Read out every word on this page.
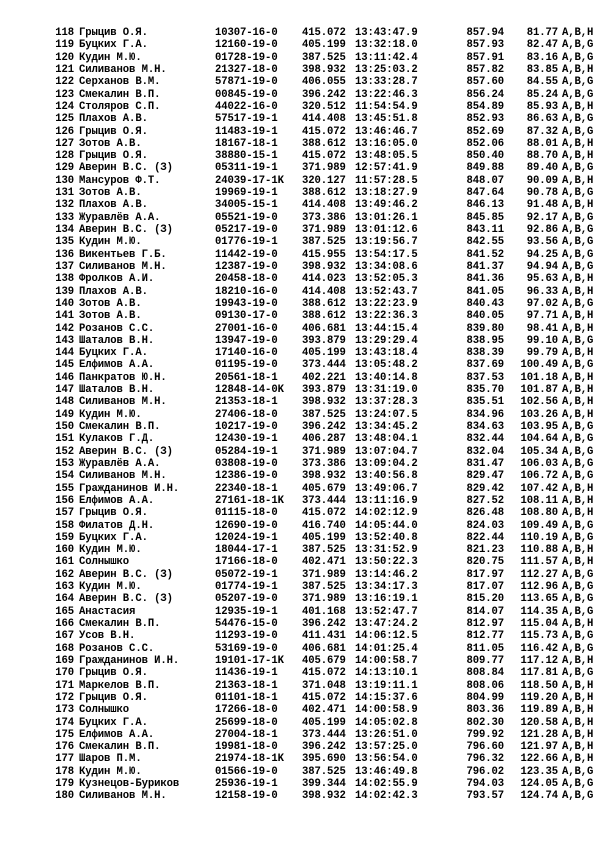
118 Грыцив О.Я.	10307-16-0 415.072 13:43:47.9	857.94	81.77 A,B,H
119 Буцких Г.А.	12160-19-0 405.199 13:32:18.0	857.93	82.47 A,B,G
120 Кудин М.Ю.	01728-19-0 387.525 13:11:42.4	857.91	83.16 A,B,G
121 Силиванов М.Н.	21327-18-0 398.932 13:25:03.2	857.82	83.85 A,B,H
122 Серханов В.М.	57871-19-0 406.055 13:33:28.7	857.60	84.55 A,B,G
123 Смекалин В.П.	00845-19-0 396.242 13:22:46.3	856.24	85.24 A,B,G
124 Столяров С.П.	44022-16-0 320.512 11:54:54.9	854.89	85.93 A,B,H
125 Плахов А.В.	57517-19-1 414.408 13:45:51.8	852.93	86.63 A,B,G
126 Грыцив О.Я.	11483-19-1 415.072 13:46:46.7	852.69	87.32 A,B,G
127 Зотов А.В.	18167-18-1 388.612 13:16:05.0	852.06	88.01 A,B,H
128 Грыцив О.Я.	38880-15-1 415.072 13:48:05.5	850.40	88.70 A,B,H
129 Аверин В.С. (З)	05311-19-1 371.989 12:57:41.9	849.88	89.40 A,B,G
130 Мансуров Ф.Т.	24039-17-1K 320.127 11:57:28.5	848.07	90.09 A,B,H
131 Зотов А.В.	19969-19-1 388.612 13:18:27.9	847.64	90.78 A,B,G
132 Плахов А.В.	34005-15-1 414.408 13:49:46.2	846.13	91.48 A,B,H
133 Журавлёв А.А.	05521-19-0 373.386 13:01:26.1	845.85	92.17 A,B,G
134 Аверин В.С. (З)	05217-19-0 371.989 13:01:12.6	843.11	92.86 A,B,G
135 Кудин М.Ю.	01776-19-1 387.525 13:19:56.7	842.55	93.56 A,B,G
136 Викентьев Г.Б.	11442-19-0 415.955 13:54:17.5	841.52	94.25 A,B,G
137 Силиванов М.Н.	12387-19-0 398.932 13:34:08.6	841.37	94.94 A,B,G
138 Фролков А.И.	20458-18-0 414.023 13:52:05.3	841.36	95.63 A,B,H
139 Плахов А.В.	18210-16-0 414.408 13:52:43.7	841.05	96.33 A,B,H
140 Зотов А.В.	19943-19-0 388.612 13:22:23.9	840.43	97.02 A,B,G
141 Зотов А.В.	09130-17-0 388.612 13:22:36.3	840.05	97.71 A,B,H
142 Розанов С.С.	27001-16-0 406.681 13:44:15.4	839.80	98.41 A,B,H
143 Шаталов В.Н.	13947-19-0 393.879 13:29:29.4	838.95	99.10 A,B,G
144 Буцких Г.А.	17140-16-0 405.199 13:43:18.4	838.39	99.79 A,B,H
145 Елфимов А.А.	01195-19-0 373.444 13:05:48.2	837.69	100.49 A,B,G
146 Панкратов Ю.Н.	20561-18-1 402.221 13:40:14.8	837.53	101.18 A,B,H
147 Шаталов В.Н.	12848-14-0K 393.879 13:31:19.0	835.70	101.87 A,B,H
148 Силиванов М.Н.	21353-18-1 398.932 13:37:28.3	835.51	102.56 A,B,H
149 Кудин М.Ю.	27406-18-0 387.525 13:24:07.5	834.96	103.26 A,B,H
150 Смекалин В.П.	10217-19-0 396.242 13:34:45.2	834.63	103.95 A,B,G
151 Кулаков Г.Д.	12430-19-1 406.287 13:48:04.1	832.44	104.64 A,B,G
152 Аверин В.С. (З)	05284-19-1 371.989 13:07:04.7	832.04	105.34 A,B,G
153 Журавлёв А.А.	03808-19-0 373.386 13:09:04.2	831.47	106.03 A,B,G
154 Силиванов М.Н.	12386-19-0 398.932 13:40:56.8	829.47	106.72 A,B,G
155 Гражданинов И.Н.	22340-18-1 405.679 13:49:06.7	829.42	107.42 A,B,H
156 Елфимов А.А.	27161-18-1K 373.444 13:11:16.9	827.52	108.11 A,B,H
157 Грыцив О.Я.	01115-18-0 415.072 14:02:12.9	826.48	108.80 A,B,H
158 Филатов Д.Н.	12690-19-0 416.740 14:05:44.0	824.03	109.49 A,B,G
159 Буцких Г.А.	12024-19-1 405.199 13:52:40.8	822.44	110.19 A,B,G
160 Кудин М.Ю.	18044-17-1 387.525 13:31:52.9	821.23	110.88 A,B,H
161 Солнышко	17166-18-0 402.471 13:50:22.3	820.75	111.57 A,B,H
162 Аверин В.С. (З)	05072-19-1 371.989 13:14:46.2	817.97	112.27 A,B,G
163 Кудин М.Ю.	01774-19-1 387.525 13:34:17.3	817.07	112.96 A,B,G
164 Аверин В.С. (З)	05207-19-0 371.989 13:16:19.1	815.20	113.65 A,B,G
165 Анастасия	12935-19-1 401.168 13:52:47.7	814.07	114.35 A,B,G
166 Смекалин В.П.	54476-15-0 396.242 13:47:24.2	812.97	115.04 A,B,H
167 Усов В.Н.	11293-19-0 411.431 14:06:12.5	812.77	115.73 A,B,G
168 Розанов С.С.	53169-19-0 406.681 14:01:25.4	811.05	116.42 A,B,G
169 Гражданинов И.Н.	19101-17-1K 405.679 14:00:58.7	809.77	117.12 A,B,H
170 Грыцив О.Я.	11436-19-1 415.072 14:13:10.1	808.84	117.81 A,B,G
171 Маркелов В.П.	21363-18-1 371.048 13:19:11.1	808.06	118.50 A,B,H
172 Грыцив О.Я.	01101-18-1 415.072 14:15:37.6	804.99	119.20 A,B,H
173 Солнышко	17266-18-0 402.471 14:00:58.9	803.36	119.89 A,B,H
174 Буцких Г.А.	25699-18-0 405.199 14:05:02.8	802.30	120.58 A,B,H
175 Елфимов А.А.	27004-18-1 373.444 13:26:51.0	799.92	121.28 A,B,H
176 Смекалин В.П.	19981-18-0 396.242 13:57:25.0	796.60	121.97 A,B,H
177 Шаров П.М.	21974-18-1K 395.690 13:56:54.0	796.32	122.66 A,B,H
178 Кудин М.Ю.	01566-19-0 387.525 13:46:49.8	796.02	123.35 A,B,G
179 Кузнецов-Буриков	25936-19-1 399.344 14:02:55.9	794.03	124.05 A,B,G
180 Силиванов М.Н.	12158-19-0 398.932 14:02:42.3	793.57	124.74 A,B,G
